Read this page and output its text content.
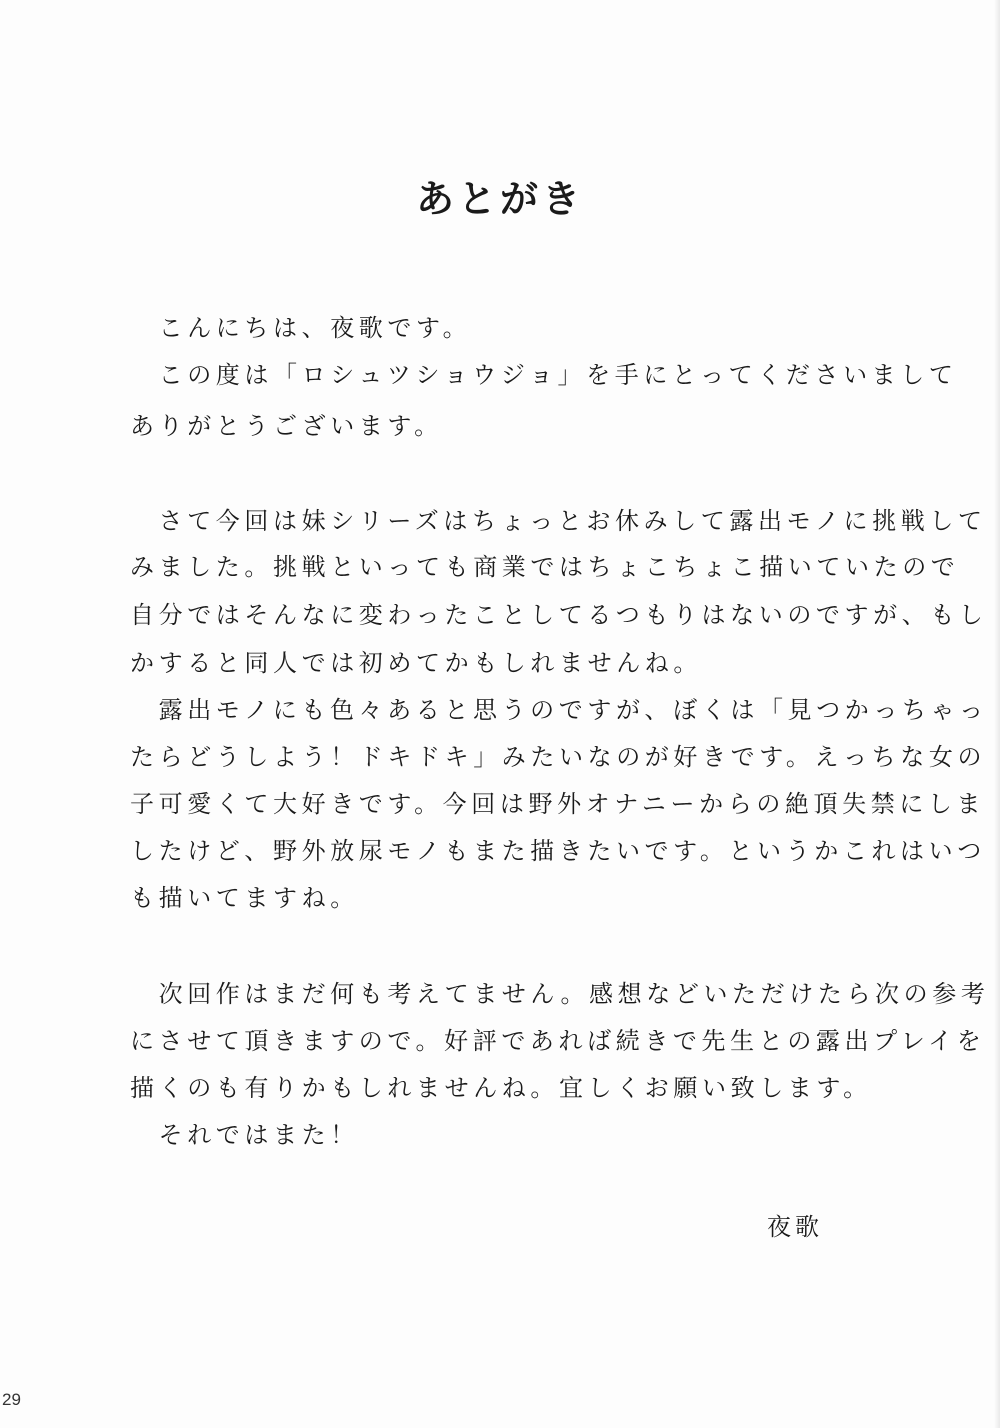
あとがき
　こんにちは、夜歌です。
　この度は「ロシュツショウジョ」を手にとってくださいまして
ありがとうございます。
　さて今回は妹シリーズはちょっとお休みして露出モノに挑戦して
みました。挑戦といっても商業ではちょこちょこ描いていたので
自分ではそんなに変わったことしてるつもりはないのですが、もし
かすると同人では初めてかもしれませんね。
　露出モノにも色々あると思うのですが、ぼくは「見つかっちゃっ
たらどうしよう！ドキドキ」みたいなのが好きです。えっちな女の
子可愛くて大好きです。今回は野外オナニーからの絶頂失禁にしま
したけど、野外放尿モノもまた描きたいです。というかこれはいつ
も描いてますね。
　次回作はまだ何も考えてません。感想などいただけたら次の参考
にさせて頂きますので。好評であれば続きで先生との露出プレイを
描くのも有りかもしれませんね。宜しくお願い致します。
　それではまた！
夜歌
29
